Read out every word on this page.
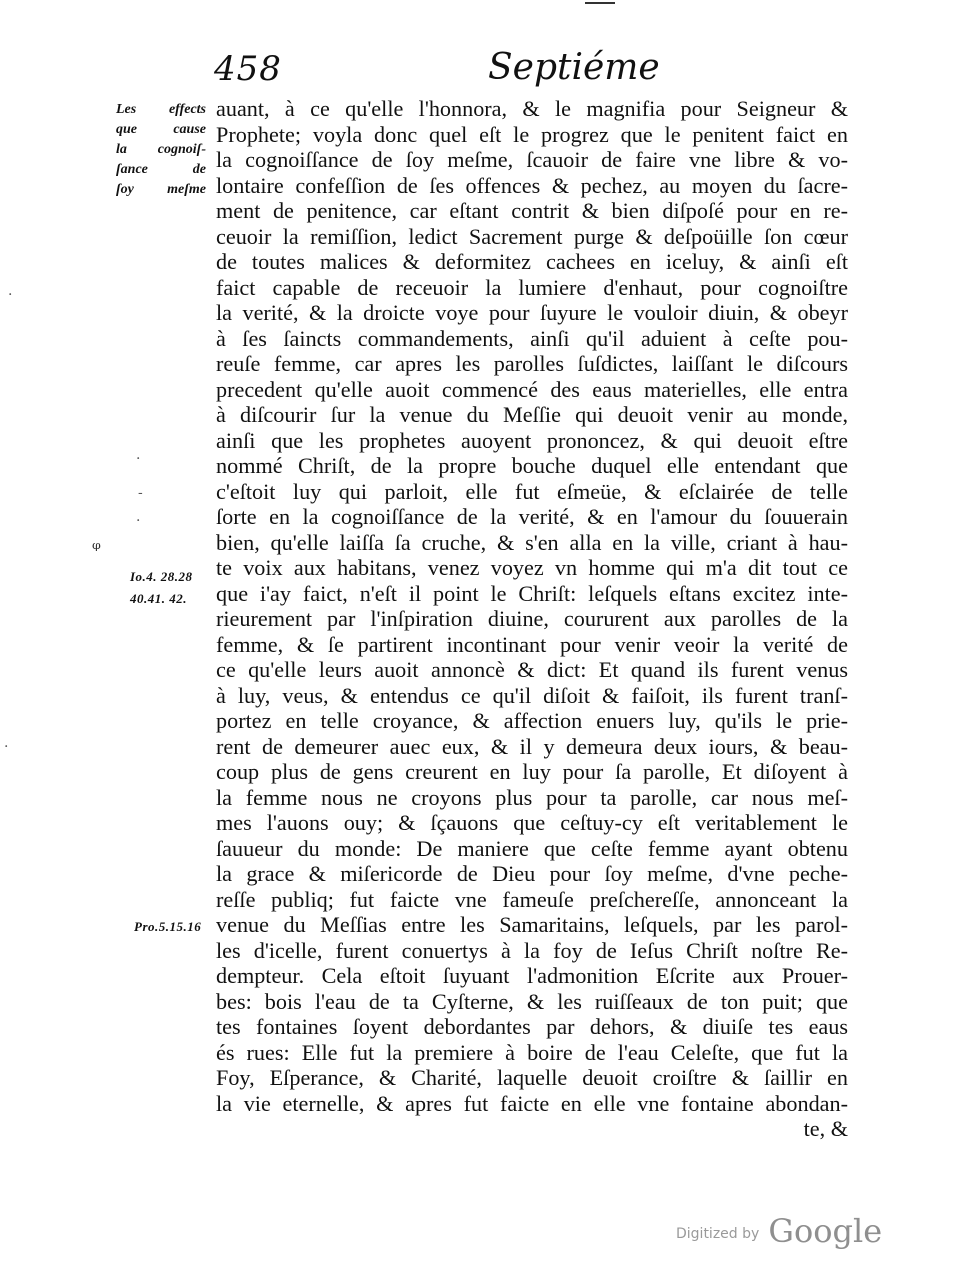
458	Septiéme
Les effects
que cause
la cognoiſ-
ſance de
ſoy meſme
Io.4. 28.28
40.41. 42.
Pro.5.15.16
·
ᵩ
·
-
·
·
auant, à ce qu'elle l'honnora, & le magnifia pour Seigneur &
Prophete; voyla donc quel eſt le progrez que le penitent faict en
la cognoiſſance de ſoy meſme, ſcauoir de faire vne libre & vo-
lontaire confeſſion de ſes offences & pechez, au moyen du ſacre-
ment de penitence, car eſtant contrit & bien diſpoſé pour en re-
ceuoir la remiſſion, ledict Sacrement purge & deſpoüille ſon cœur
de toutes malices & deformitez cachees en iceluy, & ainſi eſt
faict capable de receuoir la lumiere d'enhaut, pour cognoiſtre
la verité, & la droicte voye pour ſuyure le vouloir diuin, & obeyr
à ſes ſaincts commandements, ainſi qu'il aduient à ceſte pou-
reuſe femme, car apres les parolles ſuſdictes, laiſſant le diſcours
precedent qu'elle auoit commencé des eaus materielles, elle entra
à diſcourir ſur la venue du Meſſie qui deuoit venir au monde,
ainſi que les prophetes auoyent prononcez, & qui deuoit eſtre
nommé Chriſt, de la propre bouche duquel elle entendant que
c'eſtoit luy qui parloit, elle fut eſmeüe, & eſclairée de telle
ſorte en la cognoiſſance de la verité, & en l'amour du ſouuerain
bien, qu'elle laiſſa ſa cruche, & s'en alla en la ville, criant à hau-
te voix aux habitans, venez voyez vn homme qui m'a dit tout ce
que i'ay faict, n'eſt il point le Chriſt: leſquels eſtans excitez inte-
rieurement par l'inſpiration diuine, coururent aux parolles de la
femme, & ſe partirent incontinant pour venir veoir la verité de
ce qu'elle leurs auoit annoncè & dict: Et quand ils furent venus
à luy, veus, & entendus ce qu'il diſoit & faiſoit, ils furent tranſ-
portez en telle croyance, & affection enuers luy, qu'ils le prie-
rent de demeurer auec eux, & il y demeura deux iours, & beau-
coup plus de gens creurent en luy pour ſa parolle, Et diſoyent à
la femme nous ne croyons plus pour ta parolle, car nous meſ-
mes l'auons ouy; & ſçauons que ceſtuy-cy eſt veritablement le
ſauueur du monde: De maniere que ceſte femme ayant obtenu
la grace & miſericorde de Dieu pour ſoy meſme, d'vne peche-
reſſe publiq; fut faicte vne fameuſe preſchereſſe, annonceant la
venue du Meſſias entre les Samaritains, leſquels, par les parol-
les d'icelle, furent conuertys à la foy de Ieſus Chriſt noſtre Re-
dempteur. Cela eſtoit ſuyuant l'admonition Eſcrite aux Prouer-
bes: bois l'eau de ta Cyſterne, & les ruiſſeaux de ton puit; que
tes fontaines ſoyent debordantes par dehors, & diuiſe tes eaus
és rues: Elle fut la premiere à boire de l'eau Celeſte, que fut la
Foy, Eſperance, & Charité, laquelle deuoit croiſtre & ſaillir en
la vie eternelle, & apres fut faicte en elle vne fontaine abondan-
te, &
Digitized by Google
